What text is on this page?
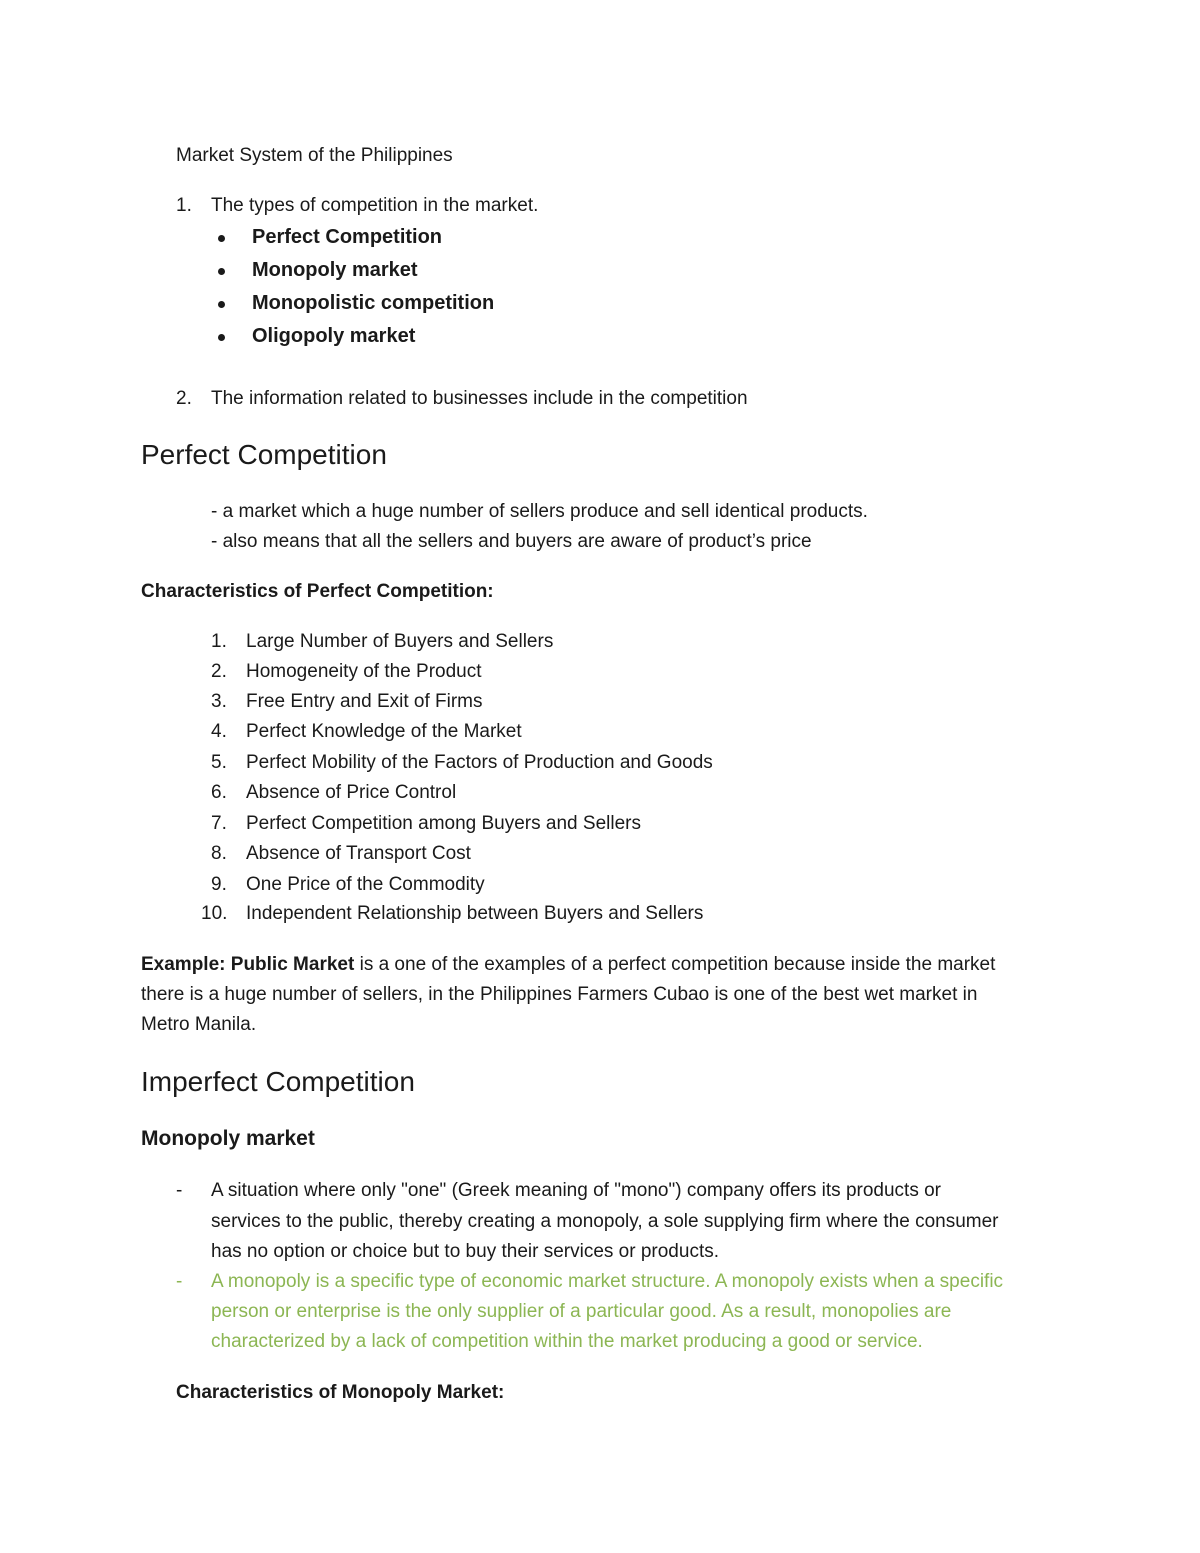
Market System of the Philippines
1. The types of competition in the market.
Perfect Competition
Monopoly market
Monopolistic competition
Oligopoly market
2. The information related to businesses include in the competition
Perfect Competition
- a market which a huge number of sellers produce and sell identical products.
- also means that all the sellers and buyers are aware of product’s price
Characteristics of Perfect Competition:
1. Large Number of Buyers and Sellers
2. Homogeneity of the Product
3. Free Entry and Exit of Firms
4. Perfect Knowledge of the Market
5. Perfect Mobility of the Factors of Production and Goods
6. Absence of Price Control
7. Perfect Competition among Buyers and Sellers
8. Absence of Transport Cost
9. One Price of the Commodity
10. Independent Relationship between Buyers and Sellers
Example: Public Market is a one of the examples of a perfect competition because inside the market
there is a huge number of sellers, in the Philippines Farmers Cubao is one of the best wet market in
Metro Manila.
Imperfect Competition
Monopoly market
- A situation where only "one" (Greek meaning of "mono") company offers its products or
services to the public, thereby creating a monopoly, a sole supplying firm where the consumer
has no option or choice but to buy their services or products.
- A monopoly is a specific type of economic market structure. A monopoly exists when a specific
person or enterprise is the only supplier of a particular good. As a result, monopolies are
characterized by a lack of competition within the market producing a good or service.
Characteristics of Monopoly Market:
